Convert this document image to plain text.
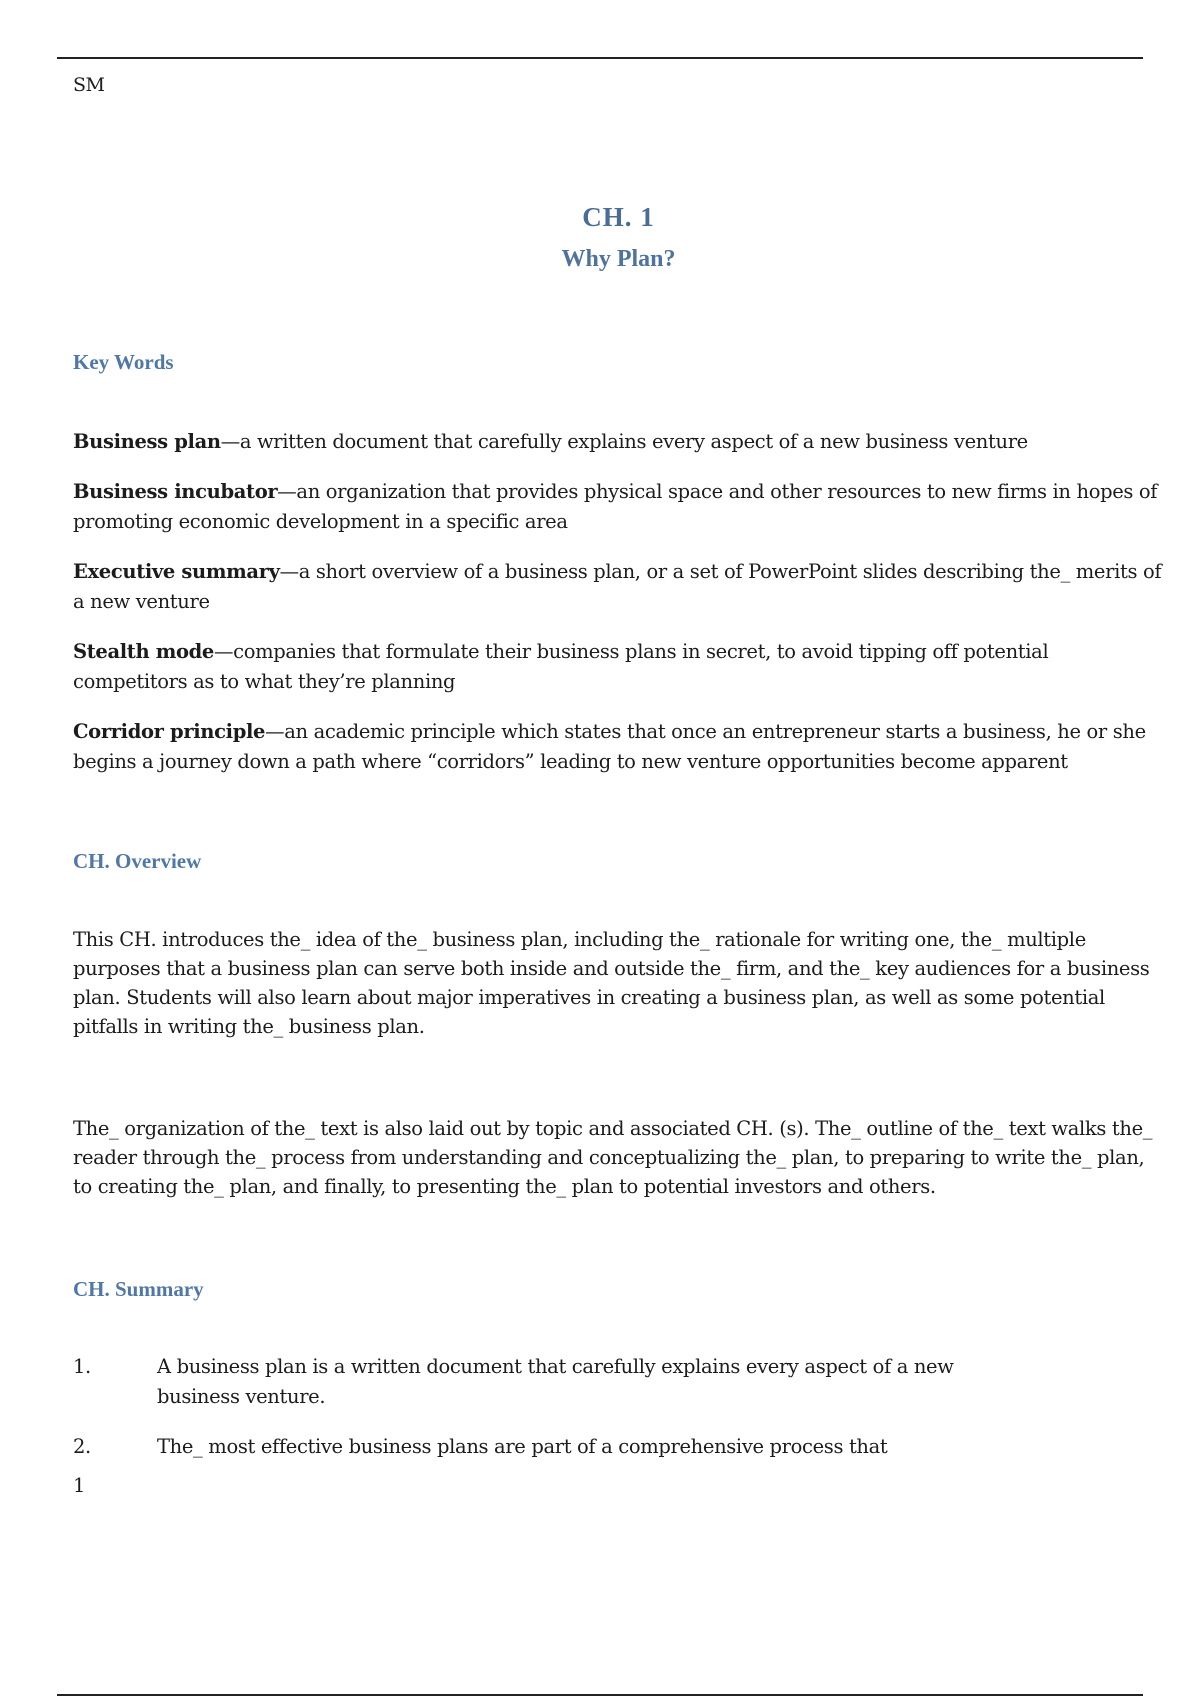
SM
CH. 1
Why Plan?
Key Words

Business plan—a written document that carefully explains every aspect of a new business venture

Business incubator—an organization that provides physical space and other resources to new firms in hopes of promoting economic development in a specific area

Executive summary—a short overview of a business plan, or a set of PowerPoint slides describing the_ merits of a new venture

Stealth mode—companies that formulate their business plans in secret, to avoid tipping off potential competitors as to what they’re planning

Corridor principle—an academic principle which states that once an entrepreneur starts a business, he or she begins a journey down a path where “corridors” leading to new venture opportunities become apparent

CH. Overview

This CH. introduces the_ idea of the_ business plan, including the_ rationale for writing one, the_ multiple purposes that a business plan can serve both inside and outside the_ firm, and the_ key audiences for a business plan. Students will also learn about major imperatives in creating a business plan, as well as some potential pitfalls in writing the_ business plan.

The_ organization of the_ text is also laid out by topic and associated CH. (s). The_ outline of the_ text walks the_ reader through the_ process from understanding and conceptualizing the_ plan, to preparing to write the_ plan, to creating the_ plan, and finally, to presenting the_ plan to potential investors and others.

CH. Summary
1.	A business plan is a written document that carefully explains every aspect of a new business venture.
2.	The_ most effective business plans are part of a comprehensive process that
1
